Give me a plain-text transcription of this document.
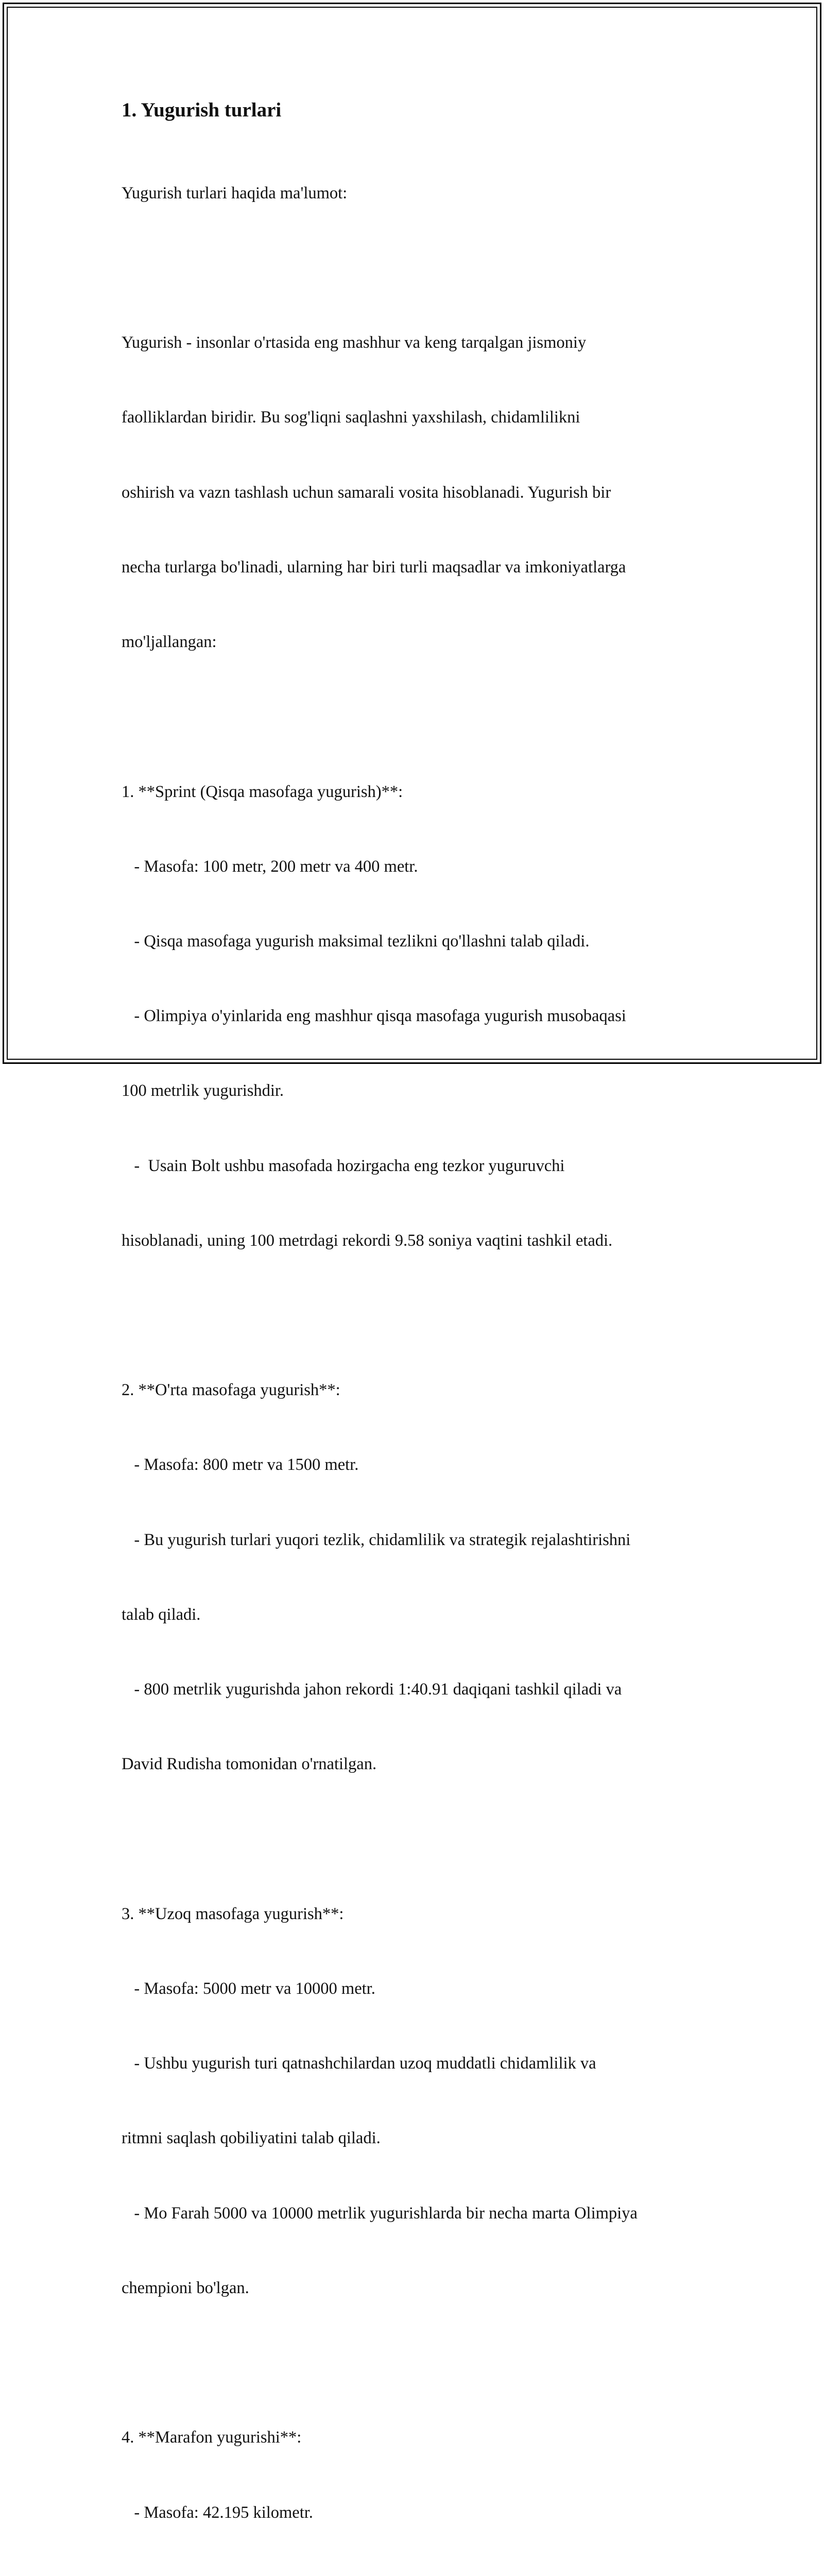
1. Yugurish turlari

Yugurish turlari haqida ma'lumot:

Yugurish - insonlar o'rtasida eng mashhur va keng tarqalgan jismoniy

faolliklardan biridir. Bu sog'liqni saqlashni yaxshilash, chidamlilikni

oshirish va vazn tashlash uchun samarali vosita hisoblanadi. Yugurish bir

necha turlarga bo'linadi, ularning har biri turli maqsadlar va imkoniyatlarga

mo'ljallangan:

1. **Sprint (Qisqa masofaga yugurish)**:

- Masofa: 100 metr, 200 metr va 400 metr.

- Qisqa masofaga yugurish maksimal tezlikni qo'llashni talab qiladi.

- Olimpiya o'yinlarida eng mashhur qisqa masofaga yugurish musobaqasi

100 metrlik yugurishdir.

-  Usain Bolt ushbu masofada hozirgacha eng tezkor yuguruvchi

hisoblanadi, uning 100 metrdagi rekordi 9.58 soniya vaqtini tashkil etadi.

2. **O'rta masofaga yugurish**:

- Masofa: 800 metr va 1500 metr.

- Bu yugurish turlari yuqori tezlik, chidamlilik va strategik rejalashtirishni

talab qiladi.

- 800 metrlik yugurishda jahon rekordi 1:40.91 daqiqani tashkil qiladi va

David Rudisha tomonidan o'rnatilgan.

3. **Uzoq masofaga yugurish**:

- Masofa: 5000 metr va 10000 metr.

- Ushbu yugurish turi qatnashchilardan uzoq muddatli chidamlilik va

ritmni saqlash qobiliyatini talab qiladi.

- Mo Farah 5000 va 10000 metrlik yugurishlarda bir necha marta Olimpiya

chempioni bo'lgan.

4. **Marafon yugurishi**:

- Masofa: 42.195 kilometr.
